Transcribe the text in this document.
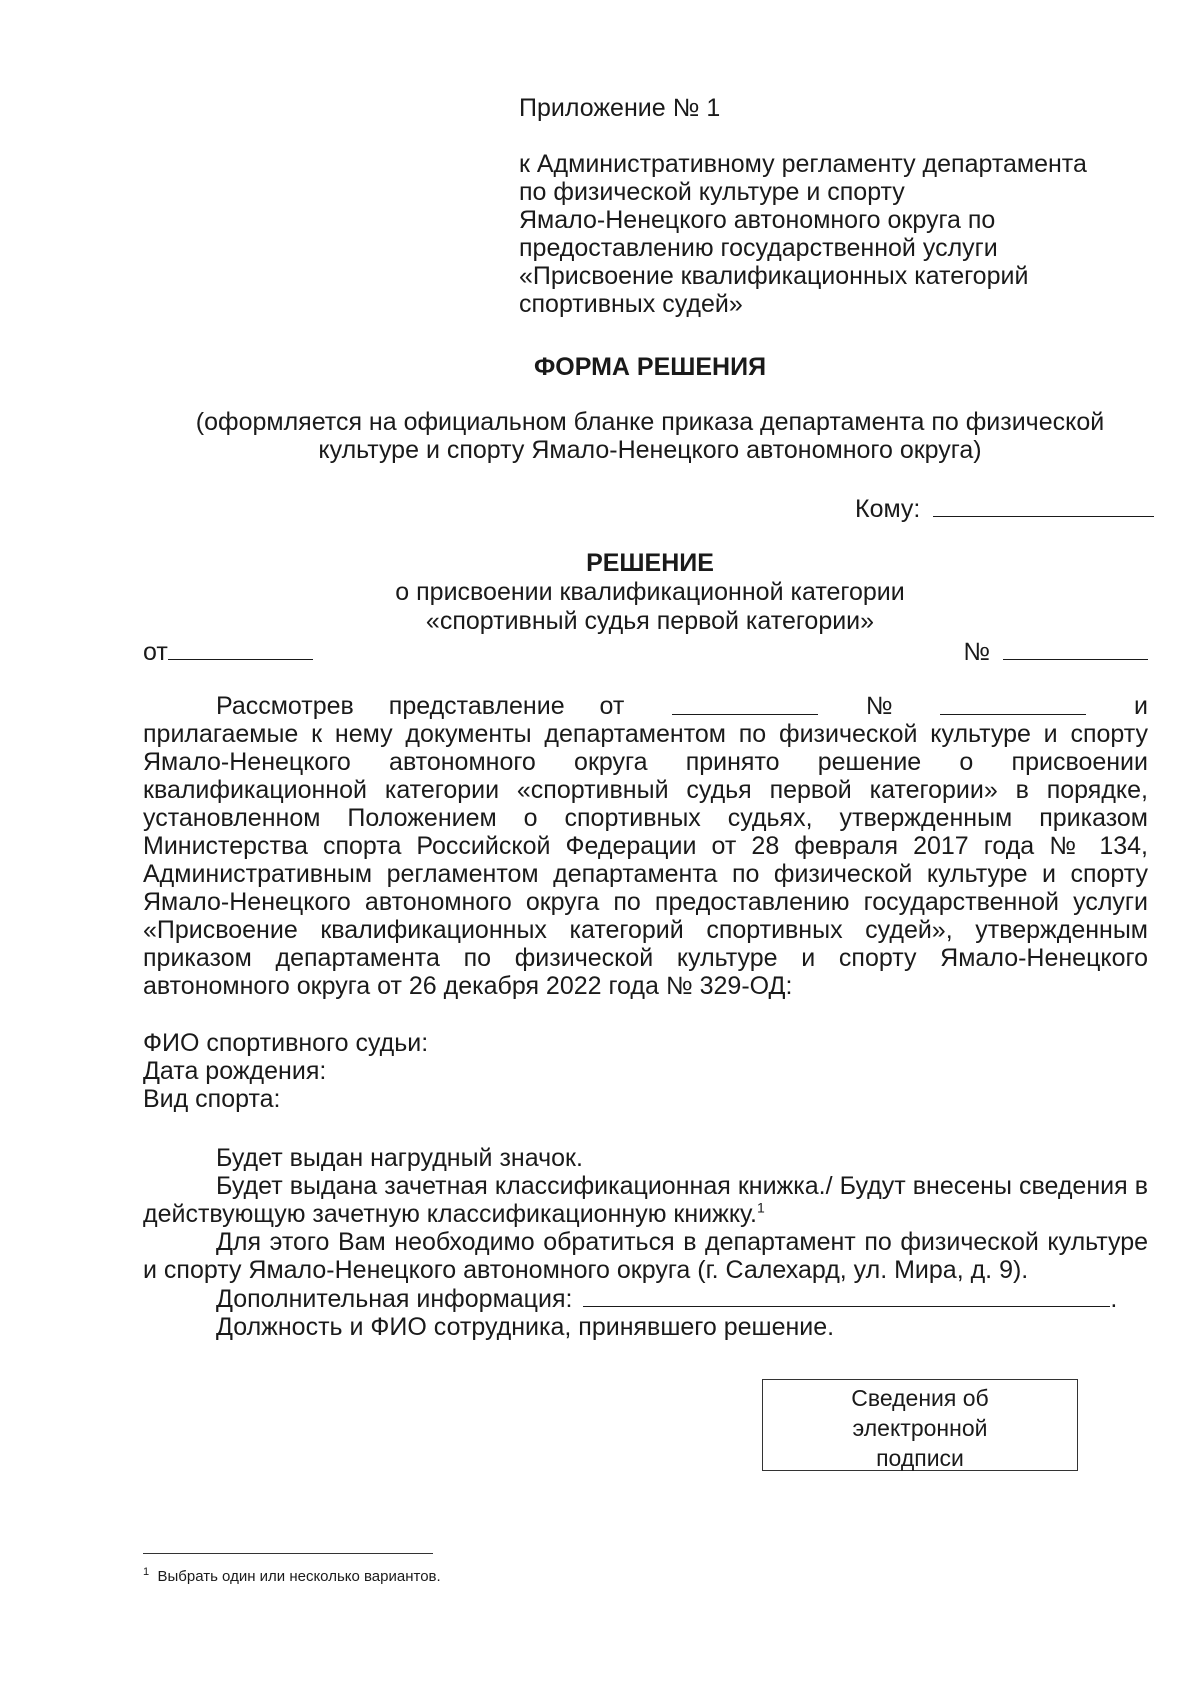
Приложение № 1

к Административному регламенту департамента

по физической культуре и спорту

Ямало-Ненецкого автономного округа по

предоставлению государственной услуги

«Присвоение квалификационных категорий

спортивных судей»

ФОРМА РЕШЕНИЯ
(оформляется на официальном бланке приказа департамента по физической
культуре и спорту Ямало-Ненецкого автономного округа)
Кому:
РЕШЕНИЕ
о присвоении квалификационной категории
«спортивный судья первой категории»
от	№
Рассмотрев представление от	№	и
прилагаемые к нему документы департаментом по физической культуре и спорту Ямало-Ненецкого автономного округа принято решение о присвоении квалификационной категории «спортивный судья первой категории» в порядке, установленном Положением о спортивных судьях, утвержденным приказом Министерства спорта Российской Федерации от 28 февраля 2017 года № 134, Административным регламентом департамента по физической культуре и спорту Ямало-Ненецкого автономного округа по предоставлению государственной услуги «Присвоение квалификационных категорий спортивных судей», утвержденным приказом департамента по физической культуре и спорту Ямало-Ненецкого автономного округа от 26 декабря 2022 года № 329-ОД:
ФИО спортивного судьи:
Дата рождения:
Вид спорта:
Будет выдан нагрудный значок.
Будет выдана зачетная классификационная книжка./ Будут внесены сведения в действующую зачетную классификационную книжку.$^1$
Для этого Вам необходимо обратиться в департамент по физической культуре и спорту Ямало-Ненецкого автономного округа (г. Салехард, ул. Мира, д. 9).
Дополнительная информация:	.
Должность и ФИО сотрудника, принявшего решение.
Сведения об
электронной
подписи
$^1$ Выбрать один или несколько вариантов.
